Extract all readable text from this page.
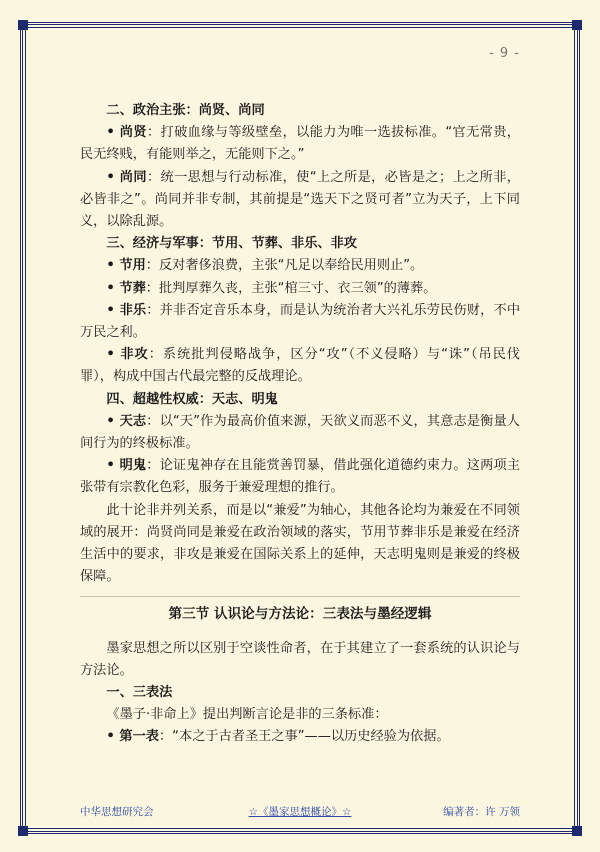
- 9 -

二、政治主张：尚贤、尚同

• 尚贤：打破血缘与等级壁垒，以能力为唯一选拔标准。“官无常贵，民无终贱，有能则举之，无能则下之。”

• 尚同：统一思想与行动标准，使“上之所是，必皆是之；上之所非，必皆非之”。尚同并非专制，其前提是“选天下之贤可者”立为天子，上下同义，以除乱源。

三、经济与军事：节用、节葬、非乐、非攻

• 节用：反对奢侈浪费，主张“凡足以奉给民用则止”。

• 节葬：批判厚葬久丧，主张“棺三寸、衣三领”的薄葬。

• 非乐：并非否定音乐本身，而是认为统治者大兴礼乐劳民伤财，不中万民之利。

• 非攻：系统批判侵略战争，区分“攻”（不义侵略）与“诛”（吊民伐罪），构成中国古代最完整的反战理论。

四、超越性权威：天志、明鬼

• 天志：以“天”作为最高价值来源，天欲义而恶不义，其意志是衡量人间行为的终极标准。

• 明鬼：论证鬼神存在且能赏善罚暴，借此强化道德约束力。这两项主张带有宗教化色彩，服务于兼爱理想的推行。

此十论非并列关系，而是以“兼爱”为轴心，其他各论均为兼爱在不同领域的展开：尚贤尚同是兼爱在政治领域的落实，节用节葬非乐是兼爱在经济生活中的要求，非攻是兼爱在国际关系上的延伸，天志明鬼则是兼爱的终极保障。

第三节 认识论与方法论：三表法与墨经逻辑

墨家思想之所以区别于空谈性命者，在于其建立了一套系统的认识论与方法论。

一、三表法

《墨子·非命上》提出判断言论是非的三条标准：

• 第一表：“本之于古者圣王之事”——以历史经验为依据。

中华思想研究会	☆《墨家思想概论》☆	编著者：许 万领
